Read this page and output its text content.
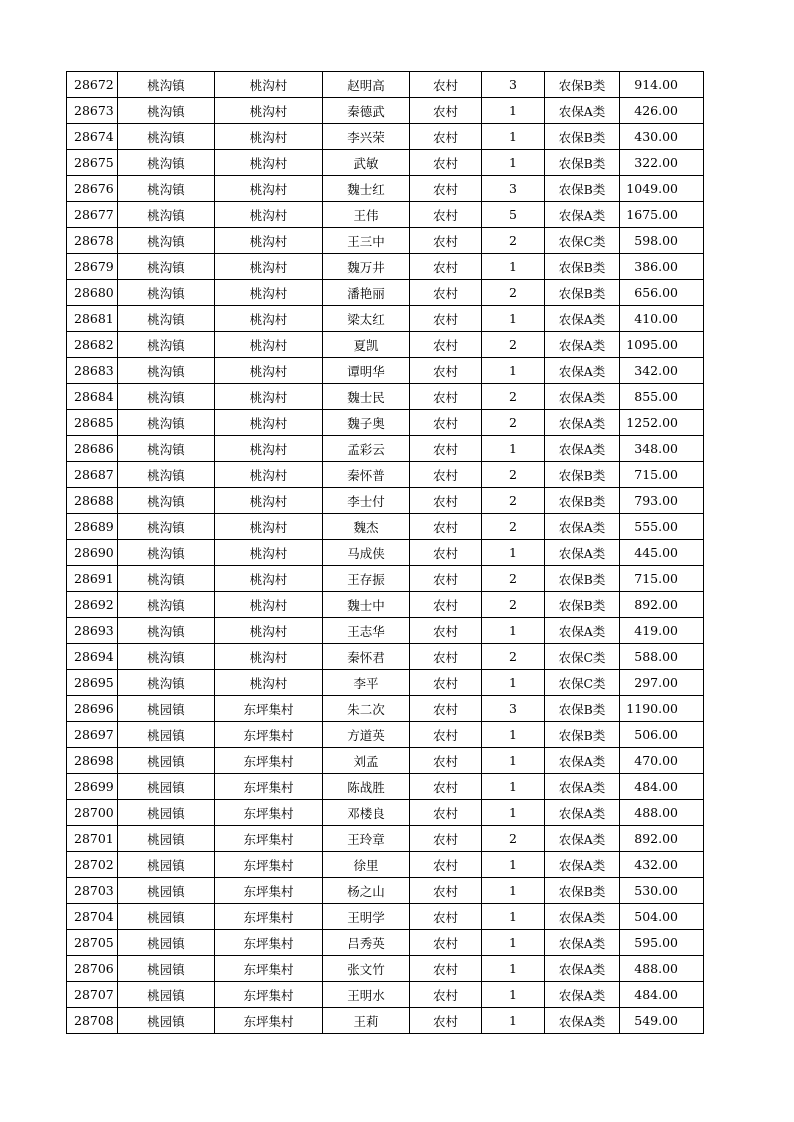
28672	桃沟镇	桃沟村	赵明高	农村	3	农保B类	914.00
28673	桃沟镇	桃沟村	秦德武	农村	1	农保A类	426.00
28674	桃沟镇	桃沟村	李兴荣	农村	1	农保B类	430.00
28675	桃沟镇	桃沟村	武敏	农村	1	农保B类	322.00
28676	桃沟镇	桃沟村	魏士红	农村	3	农保B类	1049.00
28677	桃沟镇	桃沟村	王伟	农村	5	农保A类	1675.00
28678	桃沟镇	桃沟村	王三中	农村	2	农保C类	598.00
28679	桃沟镇	桃沟村	魏万井	农村	1	农保B类	386.00
28680	桃沟镇	桃沟村	潘艳丽	农村	2	农保B类	656.00
28681	桃沟镇	桃沟村	梁太红	农村	1	农保A类	410.00
28682	桃沟镇	桃沟村	夏凯	农村	2	农保A类	1095.00
28683	桃沟镇	桃沟村	谭明华	农村	1	农保A类	342.00
28684	桃沟镇	桃沟村	魏士民	农村	2	农保A类	855.00
28685	桃沟镇	桃沟村	魏子奥	农村	2	农保A类	1252.00
28686	桃沟镇	桃沟村	孟彩云	农村	1	农保A类	348.00
28687	桃沟镇	桃沟村	秦怀普	农村	2	农保B类	715.00
28688	桃沟镇	桃沟村	李士付	农村	2	农保B类	793.00
28689	桃沟镇	桃沟村	魏杰	农村	2	农保A类	555.00
28690	桃沟镇	桃沟村	马成侠	农村	1	农保A类	445.00
28691	桃沟镇	桃沟村	王存振	农村	2	农保B类	715.00
28692	桃沟镇	桃沟村	魏士中	农村	2	农保B类	892.00
28693	桃沟镇	桃沟村	王志华	农村	1	农保A类	419.00
28694	桃沟镇	桃沟村	秦怀君	农村	2	农保C类	588.00
28695	桃沟镇	桃沟村	李平	农村	1	农保C类	297.00
28696	桃园镇	东坪集村	朱二次	农村	3	农保B类	1190.00
28697	桃园镇	东坪集村	方道英	农村	1	农保B类	506.00
28698	桃园镇	东坪集村	刘孟	农村	1	农保A类	470.00
28699	桃园镇	东坪集村	陈战胜	农村	1	农保A类	484.00
28700	桃园镇	东坪集村	邓楼良	农村	1	农保A类	488.00
28701	桃园镇	东坪集村	王玲章	农村	2	农保A类	892.00
28702	桃园镇	东坪集村	徐里	农村	1	农保A类	432.00
28703	桃园镇	东坪集村	杨之山	农村	1	农保B类	530.00
28704	桃园镇	东坪集村	王明学	农村	1	农保A类	504.00
28705	桃园镇	东坪集村	吕秀英	农村	1	农保A类	595.00
28706	桃园镇	东坪集村	张文竹	农村	1	农保A类	488.00
28707	桃园镇	东坪集村	王明水	农村	1	农保A类	484.00
28708	桃园镇	东坪集村	王莉	农村	1	农保A类	549.00
